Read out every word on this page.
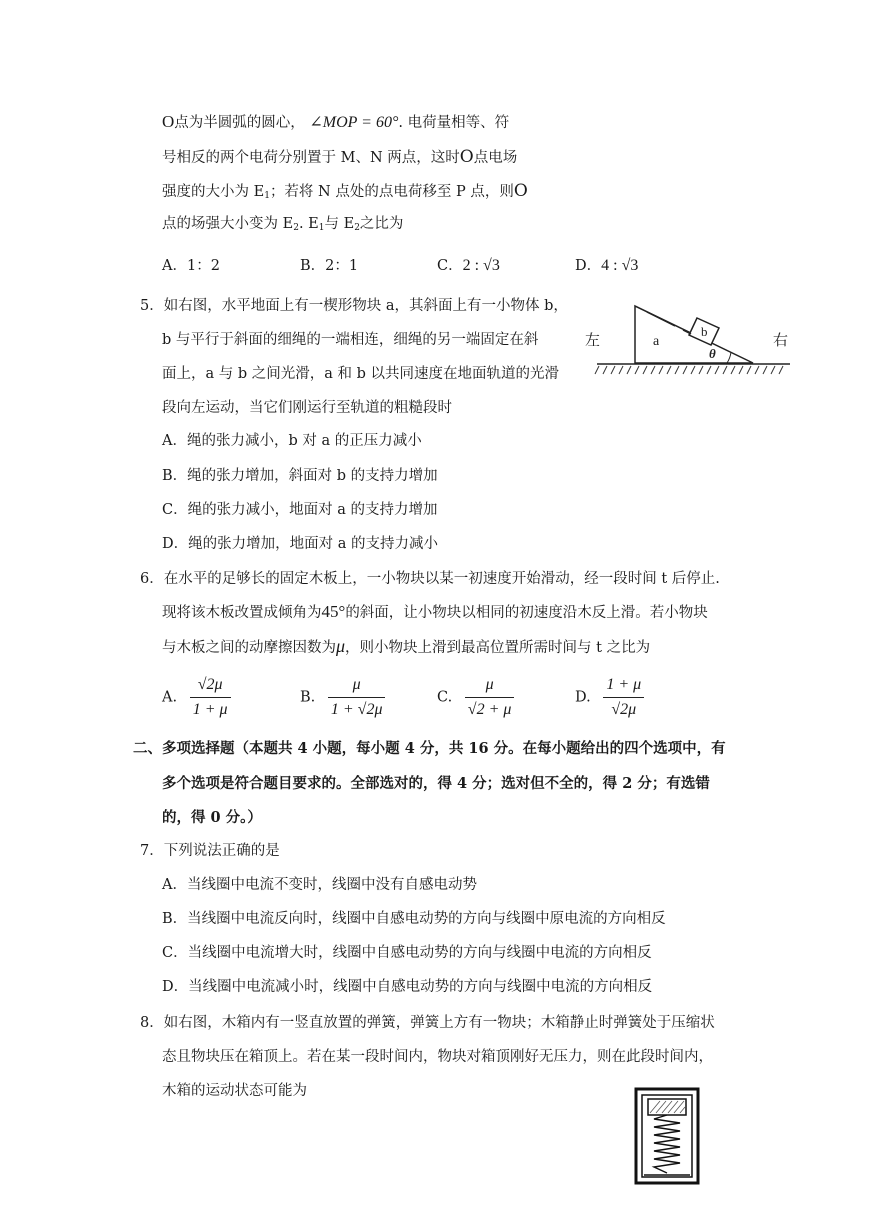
O点为半圆弧的圆心， ∠MOP = 60°. 电荷量相等、符
号相反的两个电荷分别置于 M、N 两点，这时O点电场
强度的大小为 $E_1$；若将 N 点处的点电荷移至 P 点，则O
点的场强大小变为 $E_2$. $E_1$与 $E_2$之比为
A．1：2	B．2：1	C．2 : √3	D．4 : √3
5．如右图，水平地面上有一楔形物块 a，其斜面上有一小物体 b，
b 与平行于斜面的细绳的一端相连，细绳的另一端固定在斜
面上，a 与 b 之间光滑，a 和 b 以共同速度在地面轨道的光滑
段向左运动，当它们刚运行至轨道的粗糙段时
A．绳的张力减小，b 对 a 的正压力减小
B．绳的张力增加，斜面对 b 的支持力增加
C．绳的张力减小，地面对 a 的支持力增加
D．绳的张力增加，地面对 a 的支持力减小
左	右
a
b
θ
6．在水平的足够长的固定木板上，一小物块以某一初速度开始滑动，经一段时间 t 后停止.
现将该木板改置成倾角为45°的斜面，让小物块以相同的初速度沿木反上滑。若小物块
与木板之间的动摩擦因数为μ，则小物块上滑到最高位置所需时间与 t 之比为
A. $\frac{√2\mu}{1 + \mu}$	B. $\frac{\mu}{1 + √2\mu}$	C. $\frac{\mu}{√2 + \mu}$	D. $\frac{1 + \mu}{√2\mu}$
二、多项选择题（本题共 4 小题，每小题 4 分，共 16 分。在每小题给出的四个选项中，有
多个选项是符合题目要求的。全部选对的，得 4 分；选对但不全的，得 2 分；有选错
的，得 0 分。）
7．下列说法正确的是
A．当线圈中电流不变时，线圈中没有自感电动势
B．当线圈中电流反向时，线圈中自感电动势的方向与线圈中原电流的方向相反
C．当线圈中电流增大时，线圈中自感电动势的方向与线圈中电流的方向相反
D．当线圈中电流减小时，线圈中自感电动势的方向与线圈中电流的方向相反
8．如右图，木箱内有一竖直放置的弹簧，弹簧上方有一物块；木箱静止时弹簧处于压缩状
态且物块压在箱顶上。若在某一段时间内，物块对箱顶刚好无压力，则在此段时间内，
木箱的运动状态可能为
